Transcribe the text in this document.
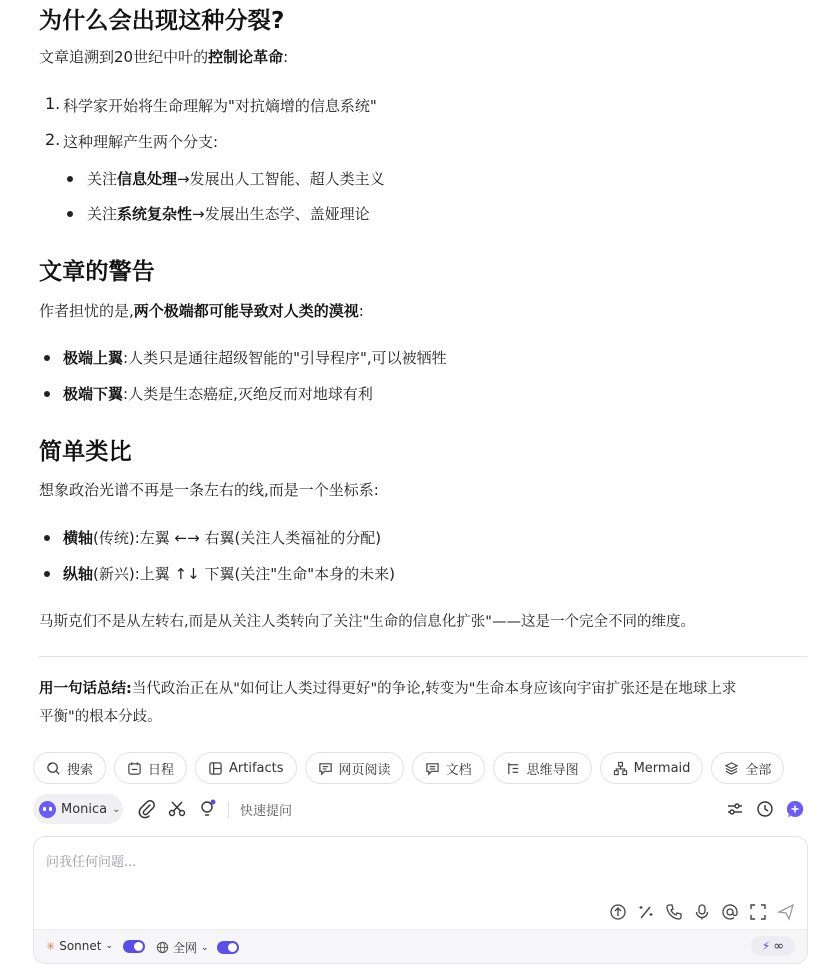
为什么会出现这种分裂?

文章追溯到20世纪中叶的控制论革命:

1. 科学家开始将生命理解为"对抗熵增的信息系统"
2. 这种理解产生两个分支:
关注信息处理→发展出人工智能、超人类主义
关注系统复杂性→发展出生态学、盖娅理论
文章的警告

作者担忧的是,两个极端都可能导致对人类的漠视:

极端上翼:人类只是通往超级智能的"引导程序",可以被牺牲
极端下翼:人类是生态癌症,灭绝反而对地球有利
简单类比

想象政治光谱不再是一条左右的线,而是一个坐标系:

横轴(传统):左翼 ←→ 右翼(关注人类福祉的分配)
纵轴(新兴):上翼 ↑↓ 下翼(关注"生命"本身的未来)

马斯克们不是从左转右,而是从关注人类转向了关注"生命的信息化扩张"——这是一个完全不同的维度。

用一句话总结:当代政治正在从"如何让人类过得更好"的争论,转变为"生命本身应该向宇宙扩张还是在地球上求
平衡"的根本分歧。

搜索	日程	Artifacts	网页阅读	文档	思维导图	Mermaid	全部
Monica ⌄	快速提问
问我任何问题...
✳ Sonnet ⌄	全网 ⌄	⚡ ∞
